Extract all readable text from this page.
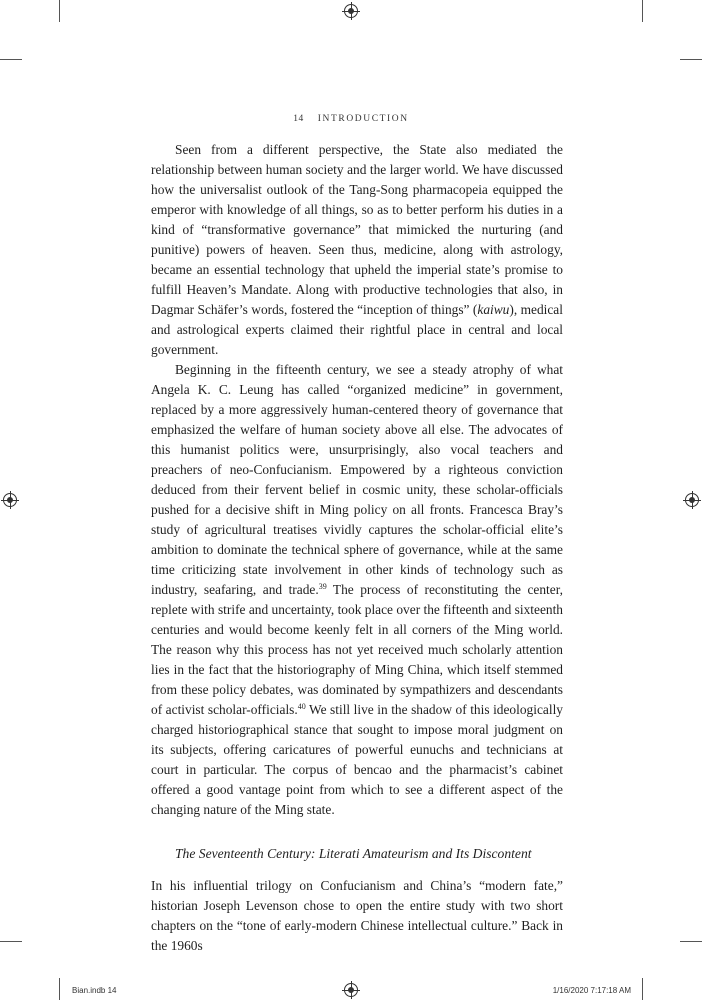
14 INTRODUCTION

Seen from a different perspective, the State also mediated the relationship between human society and the larger world. We have discussed how the universalist outlook of the Tang-Song pharmacopeia equipped the emperor with knowledge of all things, so as to better perform his duties in a kind of “transformative governance” that mimicked the nurturing (and punitive) powers of heaven. Seen thus, medicine, along with astrology, became an essential technology that upheld the imperial state’s promise to fulfill Heaven’s Mandate. Along with productive technologies that also, in Dagmar Schäfer’s words, fostered the “inception of things” (kaiwu), medical and astrological experts claimed their rightful place in central and local government.

Beginning in the fifteenth century, we see a steady atrophy of what Angela K. C. Leung has called “organized medicine” in government, replaced by a more aggressively human-centered theory of governance that emphasized the welfare of human society above all else. The advocates of this humanist politics were, unsurprisingly, also vocal teachers and preachers of neo-Confucianism. Empowered by a righteous conviction deduced from their fervent belief in cosmic unity, these scholar-officials pushed for a decisive shift in Ming policy on all fronts. Francesca Bray’s study of agricultural treatises vividly captures the scholar-official elite’s ambition to dominate the technical sphere of governance, while at the same time criticizing state involvement in other kinds of technology such as industry, seafaring, and trade.$^{39}$ The process of reconstituting the center, replete with strife and uncertainty, took place over the fifteenth and sixteenth centuries and would become keenly felt in all corners of the Ming world. The reason why this process has not yet received much scholarly attention lies in the fact that the historiography of Ming China, which itself stemmed from these policy debates, was dominated by sympathizers and descendants of activist scholar-officials.$^{40}$ We still live in the shadow of this ideologically charged historiographical stance that sought to impose moral judgment on its subjects, offering caricatures of powerful eunuchs and technicians at court in particular. The corpus of bencao and the pharmacist’s cabinet offered a good vantage point from which to see a different aspect of the changing nature of the Ming state.

The Seventeenth Century: Literati Amateurism and Its Discontent

In his influential trilogy on Confucianism and China’s “modern fate,” historian Joseph Levenson chose to open the entire study with two short chapters on the “tone of early-modern Chinese intellectual culture.” Back in the 1960s

Bian.indb 14	1/16/2020 7:17:18 AM
